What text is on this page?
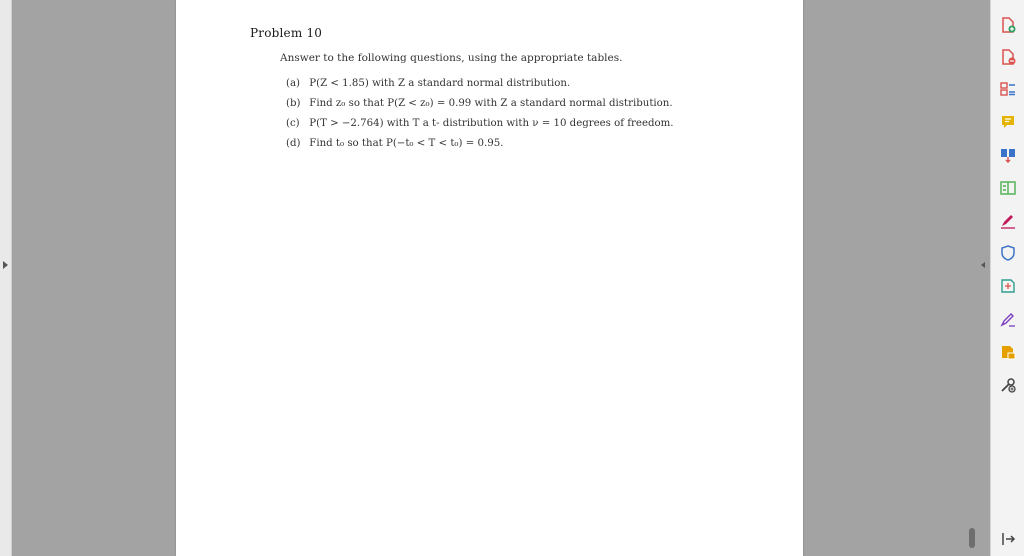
Problem 10
Answer to the following questions, using the appropriate tables.
(a) P(Z < 1.85) with Z a standard normal distribution.
(b) Find z₀ so that P(Z < z₀) = 0.99 with Z a standard normal distribution.
(c) P(T > −2.764) with T a t- distribution with ν = 10 degrees of freedom.
(d) Find t₀ so that P(−t₀ < T < t₀) = 0.95.
